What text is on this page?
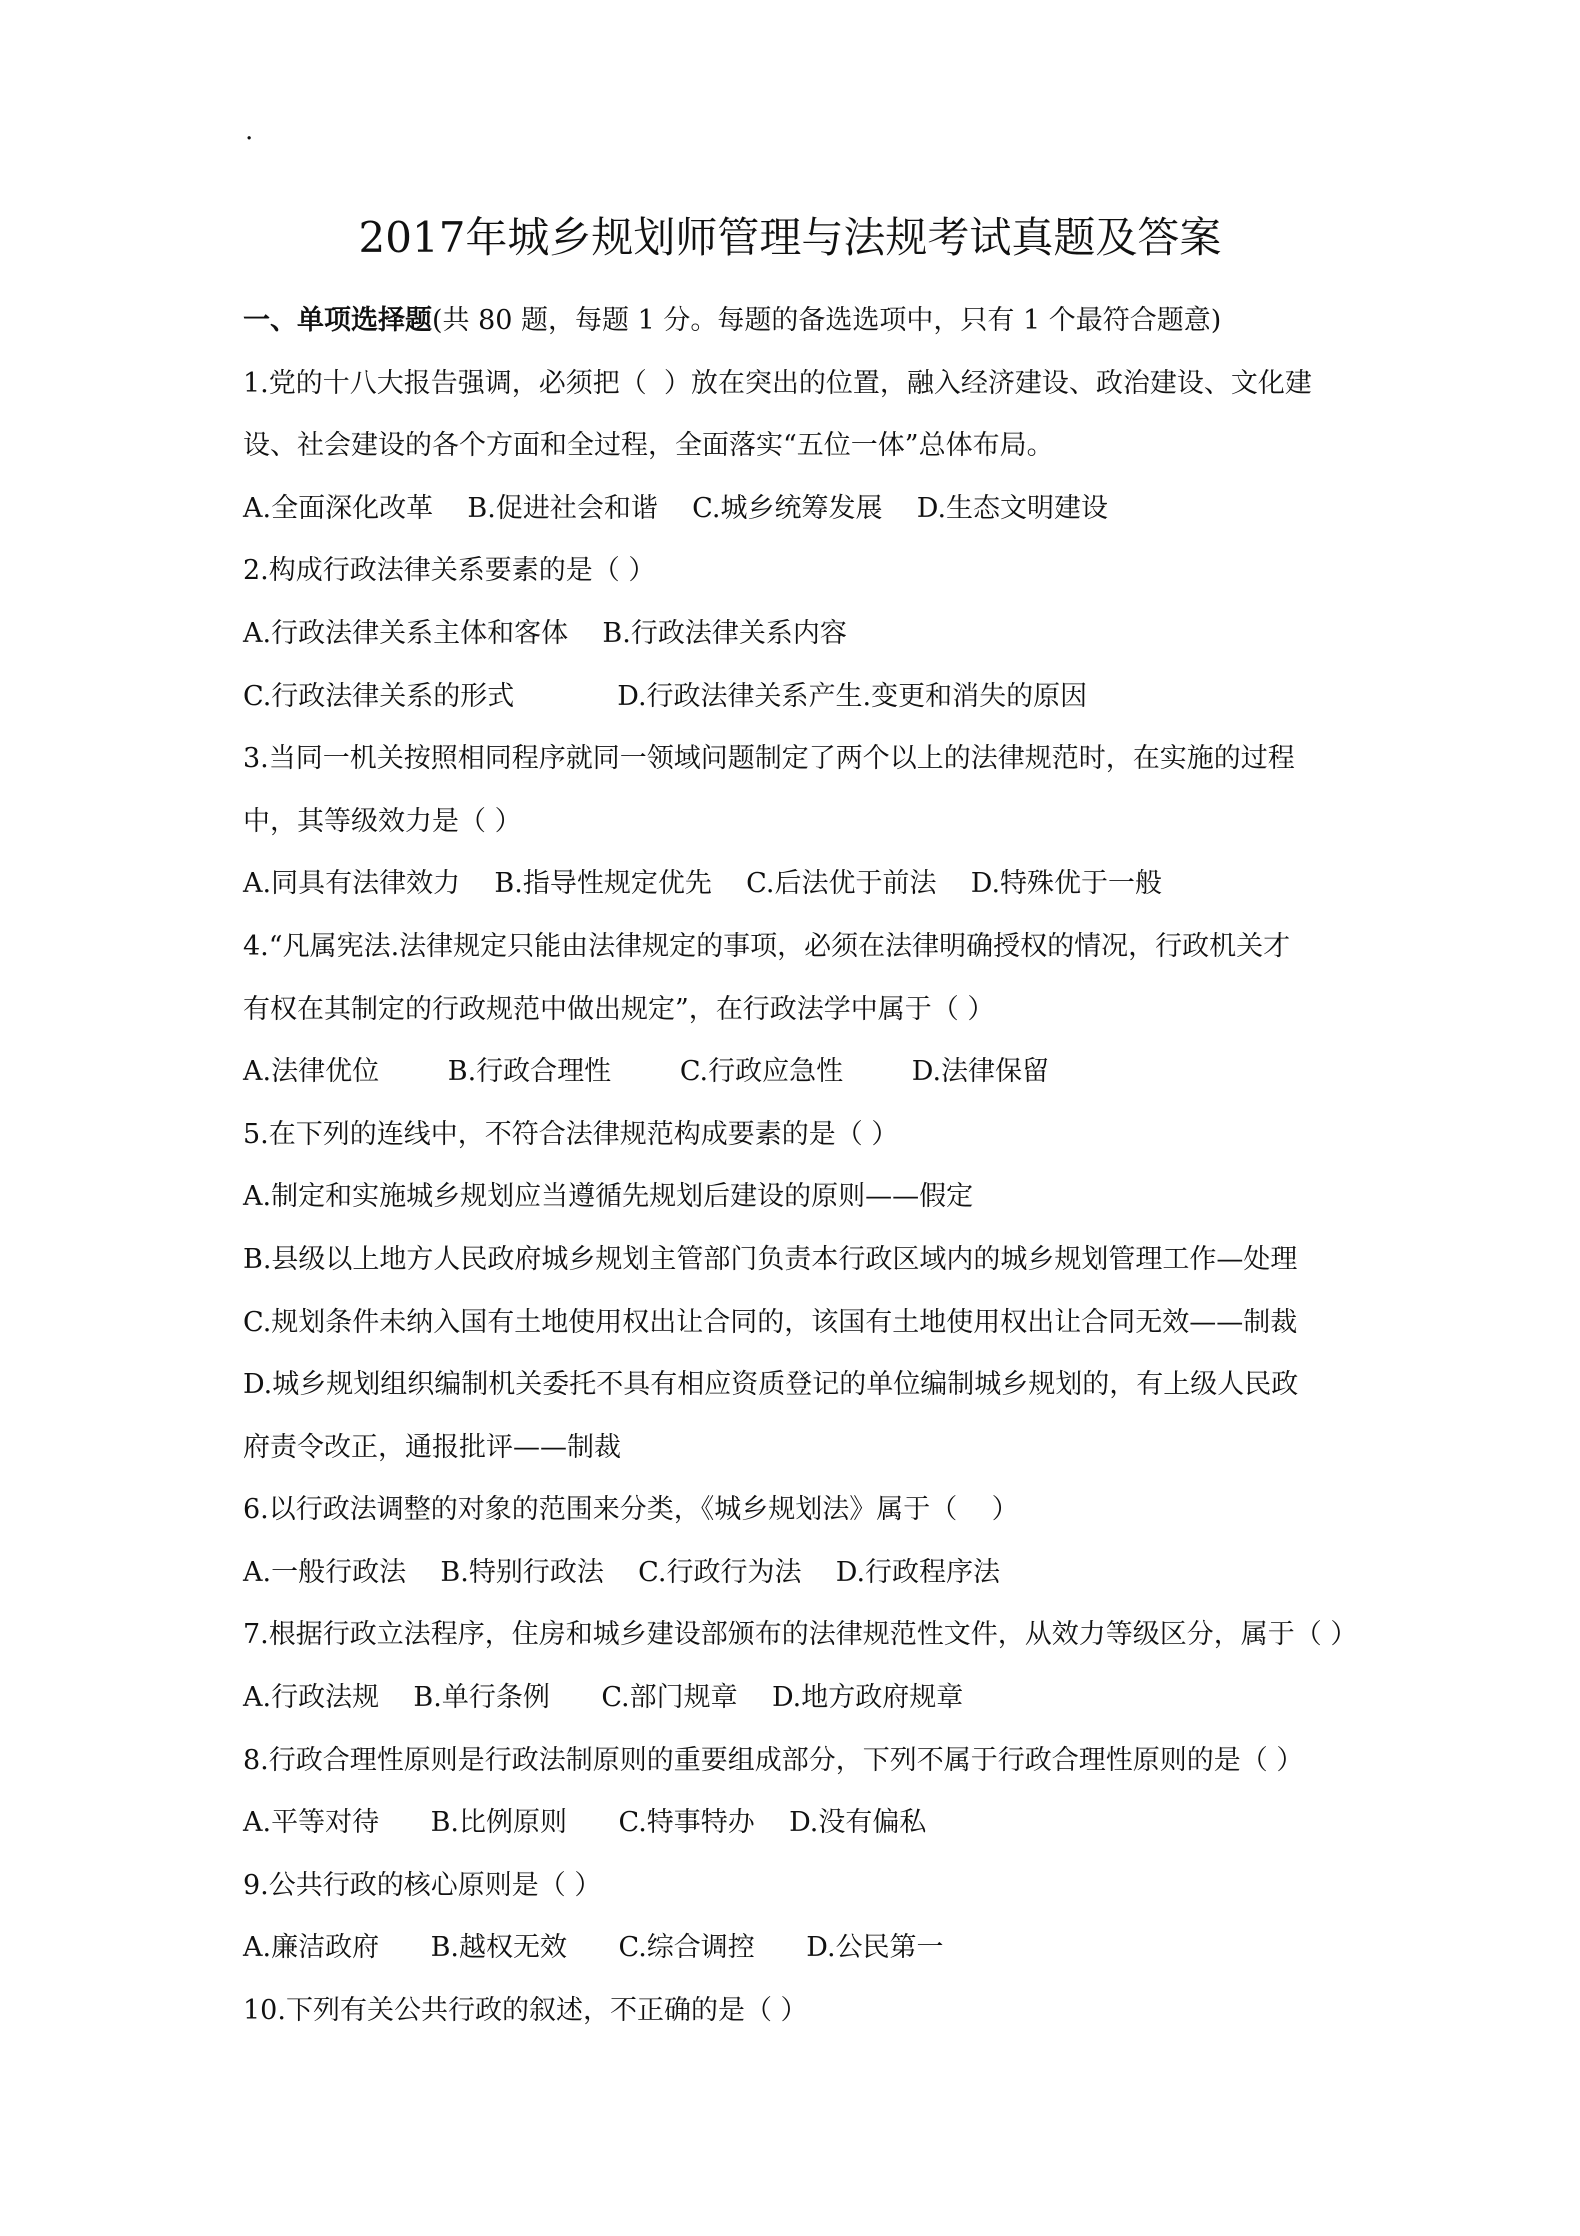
.
2017年城乡规划师管理与法规考试真题及答案
一、单项选择题(共 80 题，每题 1 分。每题的备选选项中，只有 1 个最符合题意)
1.党的十八大报告强调，必须把（  ）放在突出的位置，融入经济建设、政治建设、文化建
设、社会建设的各个方面和全过程，全面落实“五位一体”总体布局。
A.全面深化改革    B.促进社会和谐    C.城乡统筹发展    D.生态文明建设
2.构成行政法律关系要素的是（ ）
A.行政法律关系主体和客体    B.行政法律关系内容
C.行政法律关系的形式            D.行政法律关系产生.变更和消失的原因
3.当同一机关按照相同程序就同一领域问题制定了两个以上的法律规范时，在实施的过程
中，其等级效力是（ ）
A.同具有法律效力    B.指导性规定优先    C.后法优于前法    D.特殊优于一般
4.“凡属宪法.法律规定只能由法律规定的事项，必须在法律明确授权的情况，行政机关才
有权在其制定的行政规范中做出规定”，在行政法学中属于（ ）
A.法律优位        B.行政合理性        C.行政应急性        D.法律保留
5.在下列的连线中，不符合法律规范构成要素的是（ ）
A.制定和实施城乡规划应当遵循先规划后建设的原则——假定
B.县级以上地方人民政府城乡规划主管部门负责本行政区域内的城乡规划管理工作—处理
C.规划条件未纳入国有土地使用权出让合同的，该国有土地使用权出让合同无效——制裁
D.城乡规划组织编制机关委托不具有相应资质登记的单位编制城乡规划的，有上级人民政
府责令改正，通报批评——制裁
6.以行政法调整的对象的范围来分类，《城乡规划法》属于（    ）
A.一般行政法    B.特别行政法    C.行政行为法    D.行政程序法
7.根据行政立法程序，住房和城乡建设部颁布的法律规范性文件，从效力等级区分，属于（ ）
A.行政法规    B.单行条例      C.部门规章    D.地方政府规章
8.行政合理性原则是行政法制原则的重要组成部分，下列不属于行政合理性原则的是（ ）
A.平等对待      B.比例原则      C.特事特办    D.没有偏私
9.公共行政的核心原则是（ ）
A.廉洁政府      B.越权无效      C.综合调控      D.公民第一
10.下列有关公共行政的叙述，不正确的是（ ）
